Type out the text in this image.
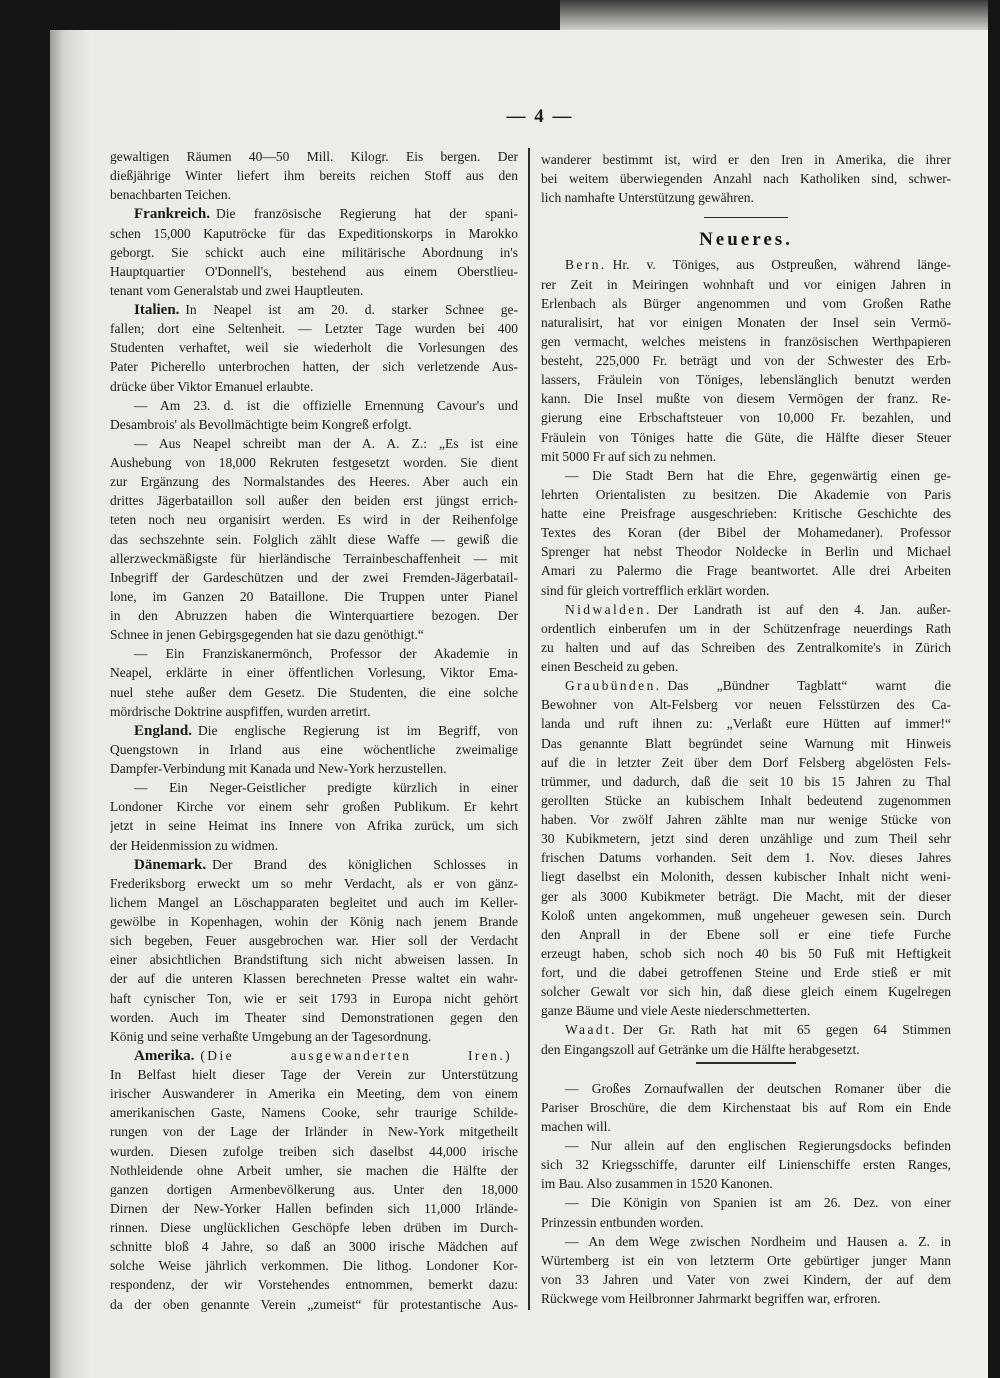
— 4 —
gewaltigen Räumen 40—50 Mill. Kilogr. Eis bergen. Der
dießjährige Winter liefert ihm bereits reichen Stoff aus den
benachbarten Teichen.
Frankreich. Die französische Regierung hat der spani-
schen 15,000 Kaputröcke für das Expeditionskorps in Marokko
geborgt. Sie schickt auch eine militärische Abordnung in's
Hauptquartier O'Donnell's, bestehend aus einem Oberstlieu-
tenant vom Generalstab und zwei Hauptleuten.
Italien. In Neapel ist am 20. d. starker Schnee ge-
fallen; dort eine Seltenheit. — Letzter Tage wurden bei 400
Studenten verhaftet, weil sie wiederholt die Vorlesungen des
Pater Picherello unterbrochen hatten, der sich verletzende Aus-
drücke über Viktor Emanuel erlaubte.
— Am 23. d. ist die offizielle Ernennung Cavour's und
Desambrois' als Bevollmächtigte beim Kongreß erfolgt.
— Aus Neapel schreibt man der A. A. Z.: „Es ist eine
Aushebung von 18,000 Rekruten festgesetzt worden. Sie dient
zur Ergänzung des Normalstandes des Heeres. Aber auch ein
drittes Jägerbataillon soll außer den beiden erst jüngst errich-
teten noch neu organisirt werden. Es wird in der Reihenfolge
das sechszehnte sein. Folglich zählt diese Waffe — gewiß die
allerzweckmäßigste für hierländische Terrainbeschaffenheit — mit
Inbegriff der Gardeschützen und der zwei Fremden-Jägerbatail-
lone, im Ganzen 20 Bataillone. Die Truppen unter Pianel
in den Abruzzen haben die Winterquartiere bezogen. Der
Schnee in jenen Gebirgsgegenden hat sie dazu genöthigt.“
— Ein Franziskanermönch, Professor der Akademie in
Neapel, erklärte in einer öffentlichen Vorlesung, Viktor Ema-
nuel stehe außer dem Gesetz. Die Studenten, die eine solche
mördrische Doktrine auspfiffen, wurden arretirt.
England. Die englische Regierung ist im Begriff, von
Quengstown in Irland aus eine wöchentliche zweimalige
Dampfer-Verbindung mit Kanada und New-York herzustellen.
— Ein Neger-Geistlicher predigte kürzlich in einer
Londoner Kirche vor einem sehr großen Publikum. Er kehrt
jetzt in seine Heimat ins Innere von Afrika zurück, um sich
der Heidenmission zu widmen.
Dänemark. Der Brand des königlichen Schlosses in
Frederiksborg erweckt um so mehr Verdacht, als er von gänz-
lichem Mangel an Löschapparaten begleitet und auch im Keller-
gewölbe in Kopenhagen, wohin der König nach jenem Brande
sich begeben, Feuer ausgebrochen war. Hier soll der Verdacht
einer absichtlichen Brandstiftung sich nicht abweisen lassen. In
der auf die unteren Klassen berechneten Presse waltet ein wahr-
haft cynischer Ton, wie er seit 1793 in Europa nicht gehört
worden. Auch im Theater sind Demonstrationen gegen den
König und seine verhaßte Umgebung an der Tagesordnung.
Amerika. (Die ausgewanderten Iren.)
In Belfast hielt dieser Tage der Verein zur Unterstützung
irischer Auswanderer in Amerika ein Meeting, dem von einem
amerikanischen Gaste, Namens Cooke, sehr traurige Schilde-
rungen von der Lage der Irländer in New-York mitgetheilt
wurden. Diesen zufolge treiben sich daselbst 44,000 irische
Nothleidende ohne Arbeit umher, sie machen die Hälfte der
ganzen dortigen Armenbevölkerung aus. Unter den 18,000
Dirnen der New-Yorker Hallen befinden sich 11,000 Irlände-
rinnen. Diese unglücklichen Geschöpfe leben drüben im Durch-
schnitte bloß 4 Jahre, so daß an 3000 irische Mädchen auf
solche Weise jährlich verkommen. Die lithog. Londoner Kor-
respondenz, der wir Vorstehendes entnommen, bemerkt dazu:
da der oben genannte Verein „zumeist“ für protestantische Aus-
wanderer bestimmt ist, wird er den Iren in Amerika, die ihrer
bei weitem überwiegenden Anzahl nach Katholiken sind, schwer-
lich namhafte Unterstützung gewähren.
Neueres.
Bern. Hr. v. Töniges, aus Ostpreußen, während länge-
rer Zeit in Meiringen wohnhaft und vor einigen Jahren in
Erlenbach als Bürger angenommen und vom Großen Rathe
naturalisirt, hat vor einigen Monaten der Insel sein Vermö-
gen vermacht, welches meistens in französischen Werthpapieren
besteht, 225,000 Fr. beträgt und von der Schwester des Erb-
lassers, Fräulein von Töniges, lebenslänglich benutzt werden
kann. Die Insel mußte von diesem Vermögen der franz. Re-
gierung eine Erbschaftsteuer von 10,000 Fr. bezahlen, und
Fräulein von Töniges hatte die Güte, die Hälfte dieser Steuer
mit 5000 Fr auf sich zu nehmen.
— Die Stadt Bern hat die Ehre, gegenwärtig einen ge-
lehrten Orientalisten zu besitzen. Die Akademie von Paris
hatte eine Preisfrage ausgeschrieben: Kritische Geschichte des
Textes des Koran (der Bibel der Mohamedaner). Professor
Sprenger hat nebst Theodor Noldecke in Berlin und Michael
Amari zu Palermo die Frage beantwortet. Alle drei Arbeiten
sind für gleich vortrefflich erklärt worden.
Nidwalden. Der Landrath ist auf den 4. Jan. außer-
ordentlich einberufen um in der Schützenfrage neuerdings Rath
zu halten und auf das Schreiben des Zentralkomite's in Zürich
einen Bescheid zu geben.
Graubünden. Das „Bündner Tagblatt“ warnt die
Bewohner von Alt-Felsberg vor neuen Felsstürzen des Ca-
landa und ruft ihnen zu: „Verlaßt eure Hütten auf immer!“
Das genannte Blatt begründet seine Warnung mit Hinweis
auf die in letzter Zeit über dem Dorf Felsberg abgelösten Fels-
trümmer, und dadurch, daß die seit 10 bis 15 Jahren zu Thal
gerollten Stücke an kubischem Inhalt bedeutend zugenommen
haben. Vor zwölf Jahren zählte man nur wenige Stücke von
30 Kubikmetern, jetzt sind deren unzählige und zum Theil sehr
frischen Datums vorhanden. Seit dem 1. Nov. dieses Jahres
liegt daselbst ein Molonith, dessen kubischer Inhalt nicht weni-
ger als 3000 Kubikmeter beträgt. Die Macht, mit der dieser
Koloß unten angekommen, muß ungeheuer gewesen sein. Durch
den Anprall in der Ebene soll er eine tiefe Furche
erzeugt haben, schob sich noch 40 bis 50 Fuß mit Heftigkeit
fort, und die dabei getroffenen Steine und Erde stieß er mit
solcher Gewalt vor sich hin, daß diese gleich einem Kugelregen
ganze Bäume und viele Aeste niederschmetterten.
Waadt. Der Gr. Rath hat mit 65 gegen 64 Stimmen
den Eingangszoll auf Getränke um die Hälfte herabgesetzt.
— Großes Zornaufwallen der deutschen Romaner über die
Pariser Broschüre, die dem Kirchenstaat bis auf Rom ein Ende
machen will.
— Nur allein auf den englischen Regierungsdocks befinden
sich 32 Kriegsschiffe, darunter eilf Linienschiffe ersten Ranges,
im Bau. Also zusammen in 1520 Kanonen.
— Die Königin von Spanien ist am 26. Dez. von einer
Prinzessin entbunden worden.
— An dem Wege zwischen Nordheim und Hausen a. Z. in
Würtemberg ist ein von letzterm Orte gebürtiger junger Mann
von 33 Jahren und Vater von zwei Kindern, der auf dem
Rückwege vom Heilbronner Jahrmarkt begriffen war, erfroren.
